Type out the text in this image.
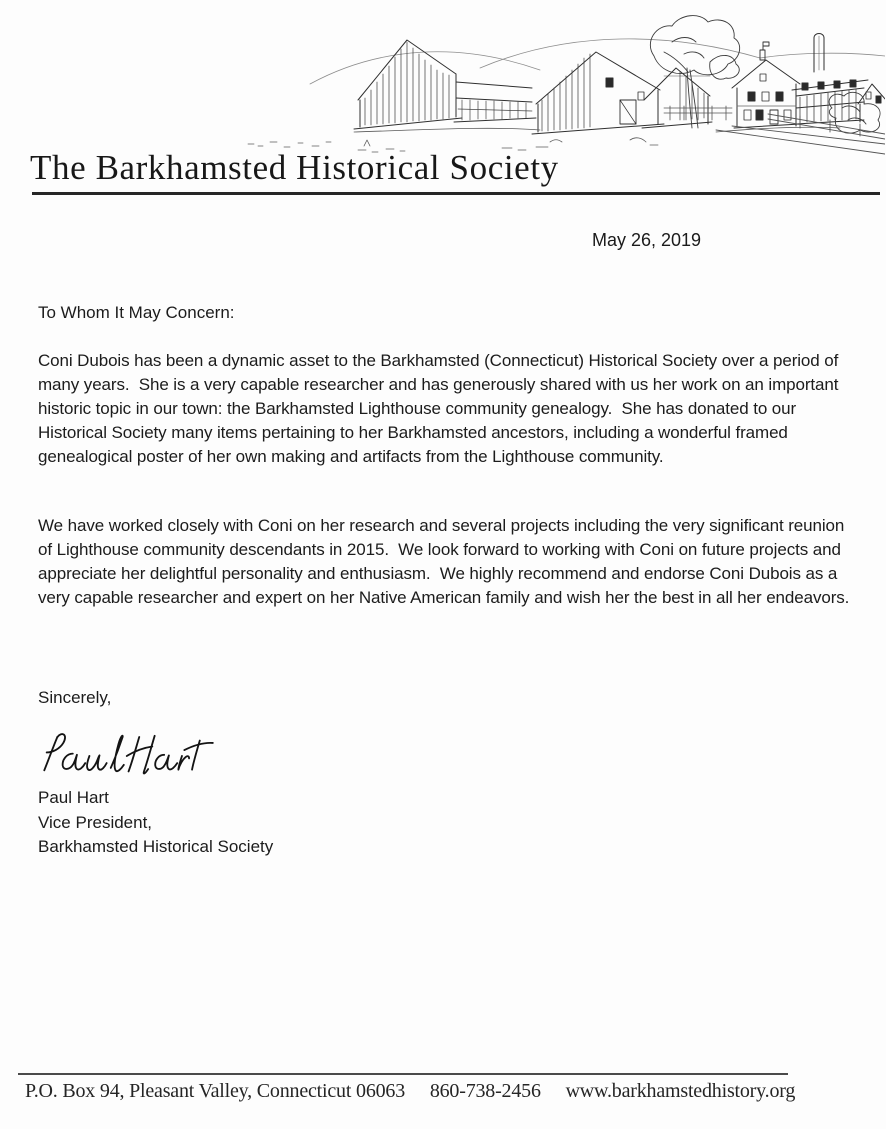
The Barkhamsted Historical Society
May 26, 2019
To Whom It May Concern:
Coni Dubois has been a dynamic asset to the Barkhamsted (Connecticut) Historical Society over a period of many years.  She is a very capable researcher and has generously shared with us her work on an important historic topic in our town: the Barkhamsted Lighthouse community genealogy.  She has donated to our Historical Society many items pertaining to her Barkhamsted ancestors, including a wonderful framed genealogical poster of her own making and artifacts from the Lighthouse community.
We have worked closely with Coni on her research and several projects including the very significant reunion of Lighthouse community descendants in 2015.  We look forward to working with Coni on future projects and appreciate her delightful personality and enthusiasm.  We highly recommend and endorse Coni Dubois as a very capable researcher and expert on her Native American family and wish her the best in all her endeavors.
Sincerely,
Paul Hart
Vice President,
Barkhamsted Historical Society
P.O. Box 94, Pleasant Valley, Connecticut 06063 860-738-2456 www.barkhamstedhistory.org
